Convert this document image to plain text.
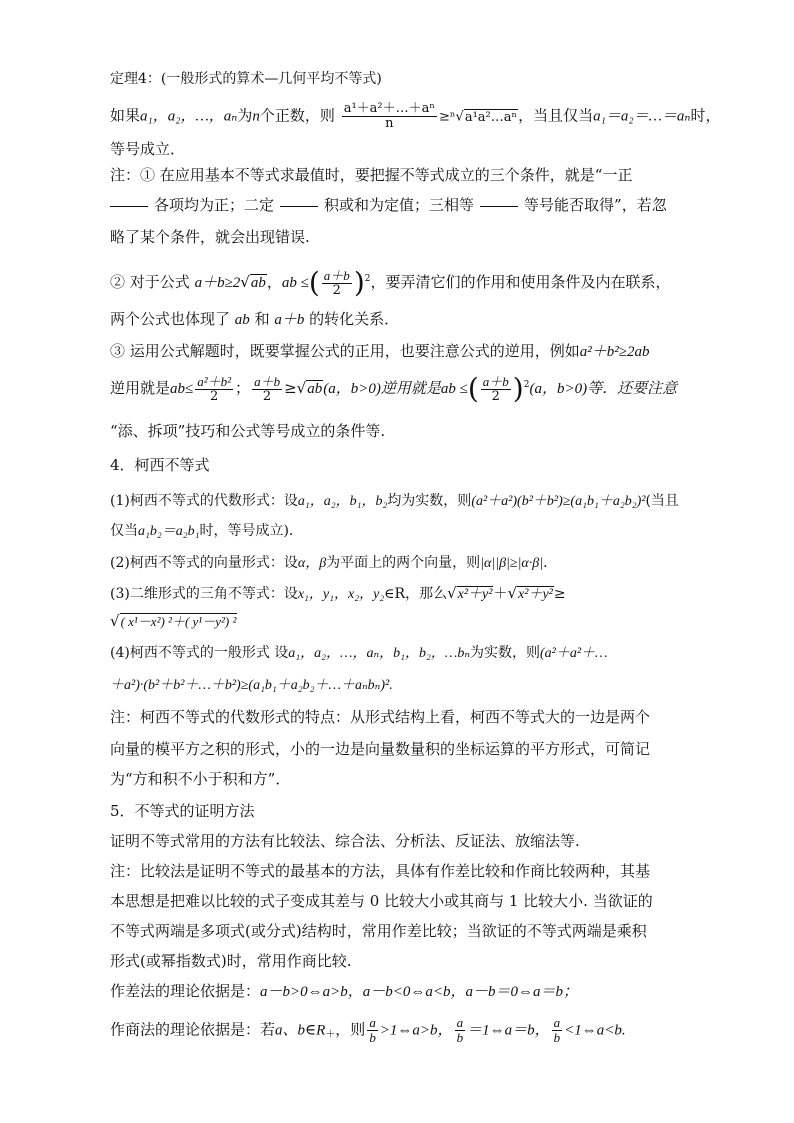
定理4：(一般形式的算术—几何平均不等式)
如果a₁，a₂，…，aₙ为n个正数，则 $\frac{\text{a¹＋a²＋…＋aⁿ}}{n}$ ≥ⁿ√a¹a²…aⁿ，当且仅当a₁＝a₂＝…＝aₙ时，
等号成立．
注：① 在应用基本不等式求最值时，要把握不等式成立的三个条件，就是“一正
各项均为正；二定	积或和为定值；三相等	等号能否取得”，若忽
略了某个条件，就会出现错误.
② 对于公式 a＋b≥2√ab，ab ≤( $\frac{a+b}{2} )^2$，要弄清它们的作用和使用条件及内在联系，
两个公式也体现了 ab 和 a＋b 的转化关系．
③ 运用公式解题时，既要掌握公式的正用，也要注意公式的逆用，例如a²＋b²≥2ab
逆用就是$ab\le \frac{\text{a²＋b²}}{2}$ ； $\frac{a+b}{2} \ge√ab(a$，b>0)逆用就是ab ≤( $\frac{a+b}{2} )^2(a$，b>0)等．还要注意
“添、拆项”技巧和公式等号成立的条件等.
4．柯西不等式
(1)柯西不等式的代数形式：设a₁，a₂，b₁，b₂均为实数，则(a²＋a²)(b²＋b²)≥(a₁b₁＋a₂b₂)²(当且
仅当a₁b₂＝a₂b₁时，等号成立)．
(2)柯西不等式的向量形式：设α，β为平面上的两个向量，则|α||β|≥|α·β|．
(3)二维形式的三角不等式：设x₁，y₁，x₂，y₂∈R，那么√x²＋y²＋√x²＋y²≥
√( x¹－x²) ²＋( y¹－y²) ²
(4)柯西不等式的一般形式 设a₁，a₂，…，aₙ，b₁，b₂，…bₙ为实数，则(a²＋a²＋…
＋a²)·(b²＋b²＋…＋b²)≥(a₁b₁＋a₂b₂＋…＋aₙbₙ)².
注：柯西不等式的代数形式的特点：从形式结构上看，柯西不等式大的一边是两个
向量的模平方之积的形式，小的一边是向量数量积的坐标运算的平方形式，可简记
为“方和积不小于积和方”．
5．不等式的证明方法
证明不等式常用的方法有比较法、综合法、分析法、反证法、放缩法等.
注：比较法是证明不等式的最基本的方法，具体有作差比较和作商比较两种，其基
本思想是把难以比较的式子变成其差与 0 比较大小或其商与 1 比较大小. 当欲证的
不等式两端是多项式(或分式)结构时，常用作差比较；当欲证的不等式两端是乘积
形式(或幂指数式)时，常用作商比较.
作差法的理论依据是：a－b>0⇔a>b，a－b<0⇔a<b，a－b＝0⇔a＝b；
作商法的理论依据是：若a、$b\in R_+$，则 $\frac{a}{b}$ >1⇔a>b， $\frac{a}{b}$ ＝1⇔a＝b， $\frac{a}{b}$ <1⇔a<b.
